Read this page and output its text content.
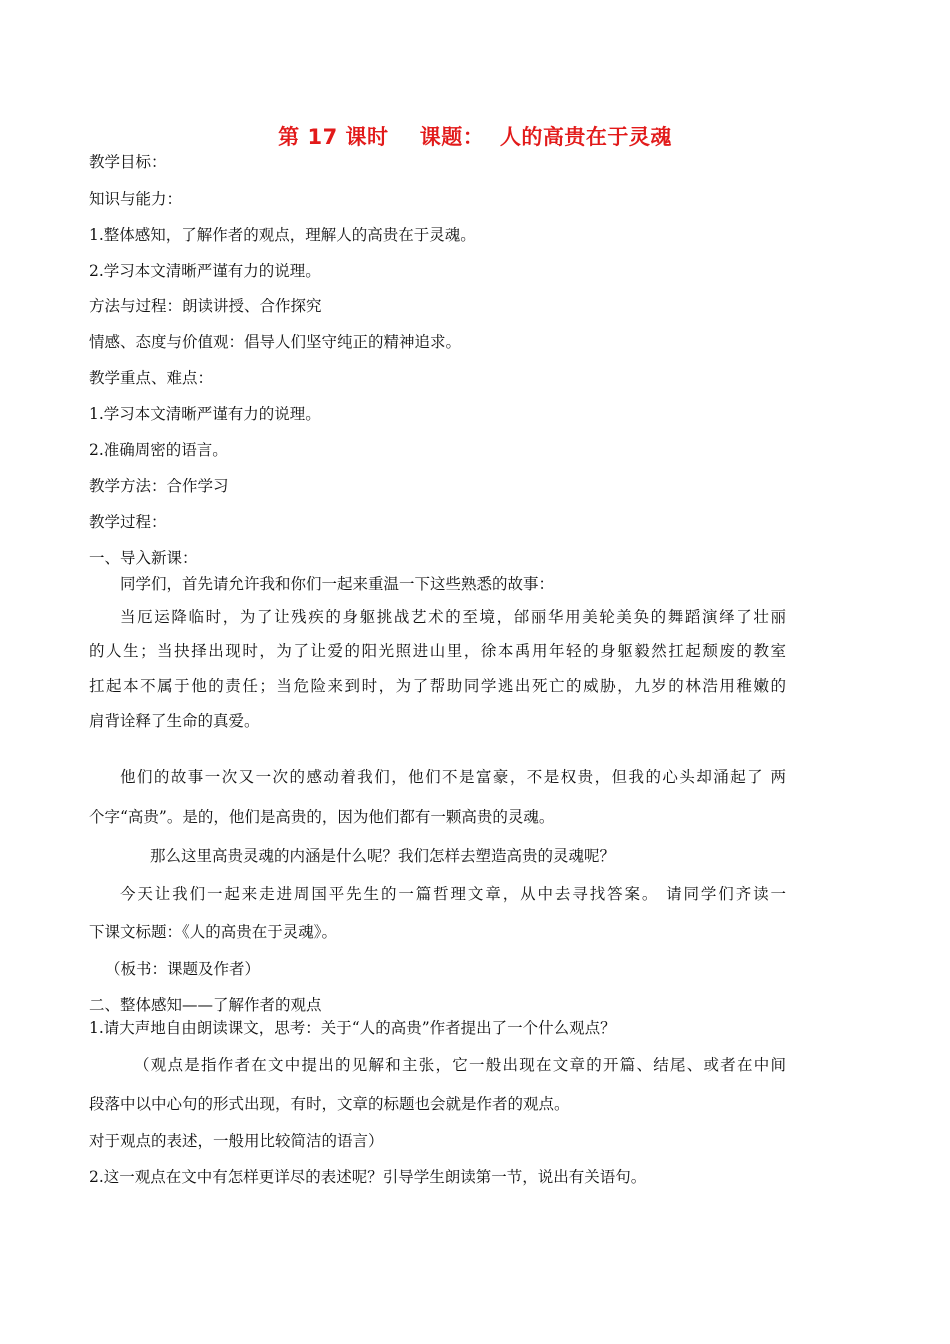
第 17 课时    课题：  人的高贵在于灵魂
教学目标：
知识与能力：
1.整体感知，了解作者的观点，理解人的高贵在于灵魂。
2.学习本文清晰严谨有力的说理。
方法与过程：朗读讲授、合作探究
情感、态度与价值观：倡导人们坚守纯正的精神追求。
教学重点、难点：
1.学习本文清晰严谨有力的说理。
2.准确周密的语言。
教学方法：合作学习
教学过程：
一、导入新课：
同学们，首先请允许我和你们一起来重温一下这些熟悉的故事：
当厄运降临时，为了让残疾的身躯挑战艺术的至境，邰丽华用美轮美奂的舞蹈演绎了壮丽
的人生；当抉择出现时，为了让爱的阳光照进山里，徐本禹用年轻的身躯毅然扛起颓废的教室
扛起本不属于他的责任；当危险来到时，为了帮助同学逃出死亡的威胁，九岁的林浩用稚嫩的
肩背诠释了生命的真爱。
他们的故事一次又一次的感动着我们，他们不是富豪，不是权贵，但我的心头却涌起了 两
个字“高贵”。是的，他们是高贵的，因为他们都有一颗高贵的灵魂。
那么这里高贵灵魂的内涵是什么呢？我们怎样去塑造高贵的灵魂呢？
今天让我们一起来走进周国平先生的一篇哲理文章，从中去寻找答案。 请同学们齐读一
下课文标题：《人的高贵在于灵魂》。
（板书：课题及作者）
二、整体感知——了解作者的观点
1.请大声地自由朗读课文，思考：关于“人的高贵”作者提出了一个什么观点？
（观点是指作者在文中提出的见解和主张，它一般出现在文章的开篇、结尾、或者在中间
段落中以中心句的形式出现，有时，文章的标题也会就是作者的观点。
对于观点的表述，一般用比较简洁的语言）
2.这一观点在文中有怎样更详尽的表述呢？引导学生朗读第一节，说出有关语句。
